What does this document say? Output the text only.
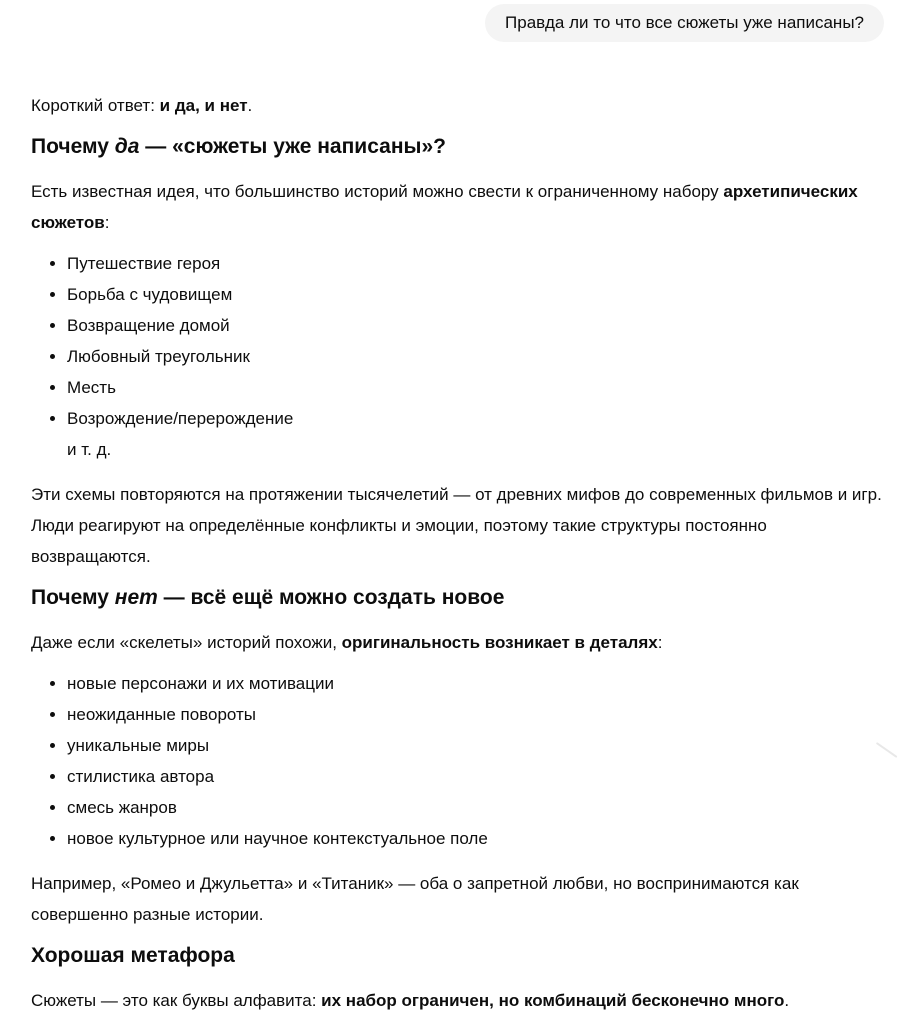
Правда ли то что все сюжеты уже написаны?

Короткий ответ: и да, и нет.

Почему да — «сюжеты уже написаны»?

Есть известная идея, что большинство историй можно свести к ограниченному набору архетипических сюжетов:

• Путешествие героя
• Борьба с чудовищем
• Возвращение домой
• Любовный треугольник
• Месть
• Возрождение/перерождение
и т. д.

Эти схемы повторяются на протяжении тысячелетий — от древних мифов до современных фильмов и игр. Люди реагируют на определённые конфликты и эмоции, поэтому такие структуры постоянно возвращаются.

Почему нет — всё ещё можно создать новое

Даже если «скелеты» историй похожи, оригинальность возникает в деталях:

• новые персонажи и их мотивации
• неожиданные повороты
• уникальные миры
• стилистика автора
• смесь жанров
• новое культурное или научное контекстуальное поле

Например, «Ромео и Джульетта» и «Титаник» — оба о запретной любви, но воспринимаются как совершенно разные истории.

Хорошая метафора

Сюжеты — это как буквы алфавита: их набор ограничен, но комбинаций бесконечно много.
